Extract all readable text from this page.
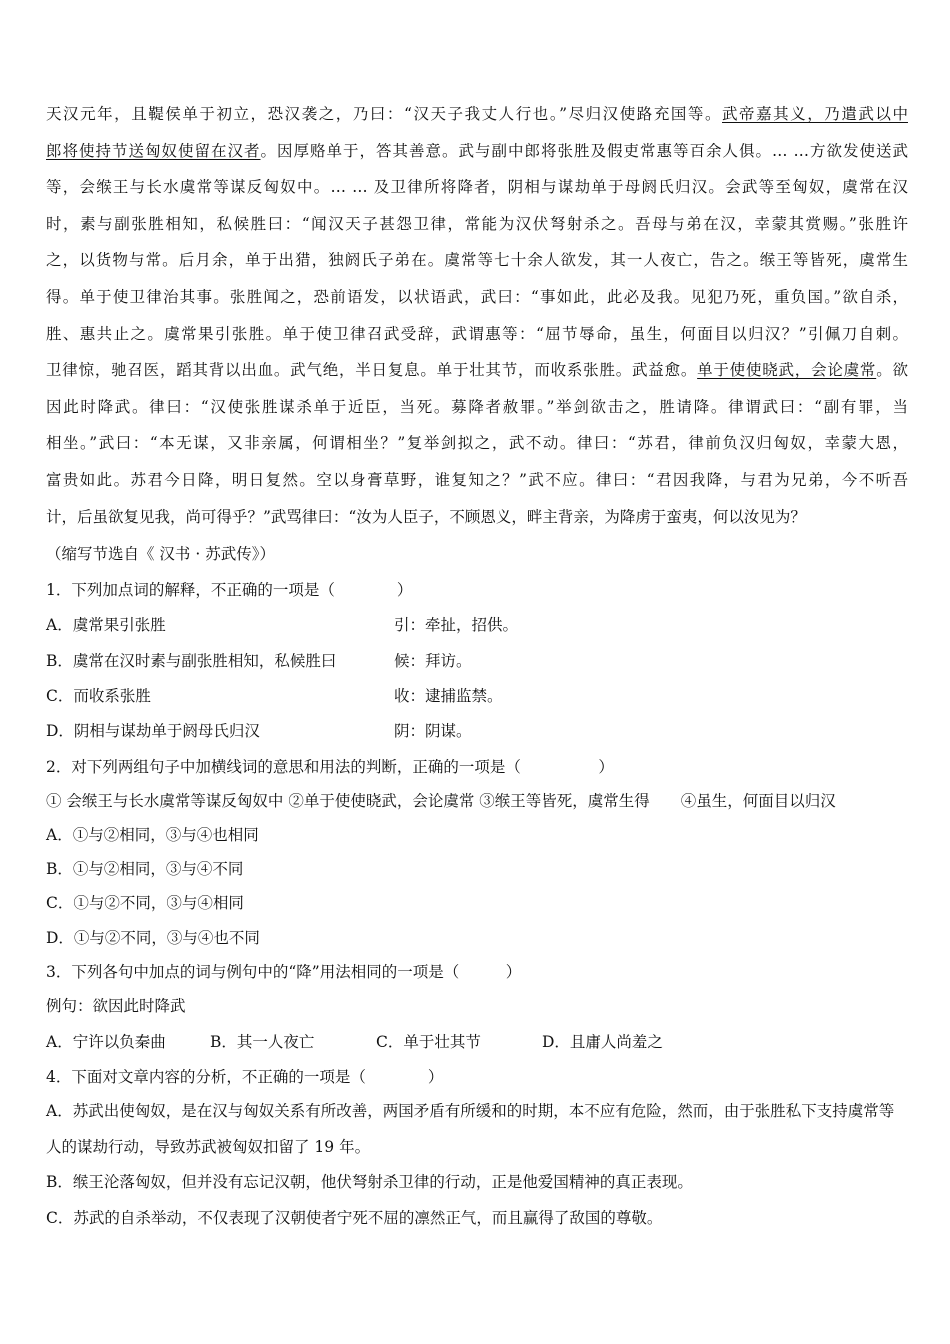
天汉元年，且鞮侯单于初立，恐汉袭之，乃曰：“汉天子我丈人行也。”尽归汉使路充国等。武帝嘉其义，乃遣武以中
郎将使持节送匈奴使留在汉者。因厚赂单于，答其善意。武与副中郎将张胜及假吏常惠等百余人俱。… …方欲发使送武
等，会缑王与长水虞常等谋反匈奴中。… … 及卫律所将降者，阴相与谋劫单于母阏氏归汉。会武等至匈奴，虞常在汉
时，素与副张胜相知，私候胜曰：“闻汉天子甚怨卫律，常能为汉伏弩射杀之。吾母与弟在汉，幸蒙其赏赐。”张胜许
之，以货物与常。后月余，单于出猎，独阏氏子弟在。虞常等七十余人欲发，其一人夜亡，告之。缑王等皆死，虞常生
得。单于使卫律治其事。张胜闻之，恐前语发，以状语武，武曰：“事如此，此必及我。见犯乃死，重负国。”欲自杀，
胜、惠共止之。虞常果引张胜。单于使卫律召武受辞，武谓惠等：“屈节辱命，虽生，何面目以归汉？”引佩刀自刺。
卫律惊，驰召医，蹈其背以出血。武气绝，半日复息。单于壮其节，而收系张胜。武益愈。单于使使晓武，会论虞常。欲
因此时降武。律曰：“汉使张胜谋杀单于近臣，当死。募降者赦罪。”举剑欲击之，胜请降。律谓武曰：“副有罪，当
相坐。”武曰：“本无谋，又非亲属，何谓相坐？”复举剑拟之，武不动。律曰：“苏君，律前负汉归匈奴，幸蒙大恩，
富贵如此。苏君今日降，明日复然。空以身膏草野，谁复知之？”武不应。律曰：“君因我降，与君为兄弟，今不听吾
计，后虽欲复见我，尚可得乎？”武骂律曰：“汝为人臣子，不顾恩义，畔主背亲，为降虏于蛮夷，何以汝见为？
（缩写节选自《 汉书 · 苏武传》）
1．下列加点词的解释，不正确的一项是（　　　　）
A．虞常果引张胜	引：牵扯，招供。
B．虞常在汉时素与副张胜相知，私候胜曰	候：拜访。
C．而收系张胜	收：逮捕监禁。
D．阴相与谋劫单于阏母氏归汉	阴：阴谋。
2．对下列两组句子中加横线词的意思和用法的判断，正确的一项是（　　　　　）
① 会缑王与长水虞常等谋反匈奴中 ②单于使使晓武，会论虞常 ③缑王等皆死，虞常生得　　④虽生，何面目以归汉
A．①与②相同，③与④也相同
B．①与②相同，③与④不同
C．①与②不同，③与④相同
D．①与②不同，③与④也不同
3．下列各句中加点的词与例句中的“降”用法相同的一项是（　　　）
例句：欲因此时降武
A．宁许以负秦曲	B．其一人夜亡	C．单于壮其节	D．且庸人尚羞之
4．下面对文章内容的分析，不正确的一项是（　　　　）
A．苏武出使匈奴，是在汉与匈奴关系有所改善，两国矛盾有所缓和的时期，本不应有危险，然而，由于张胜私下支持虞常等人的谋劫行动，导致苏武被匈奴扣留了 19 年。
B．缑王沦落匈奴，但并没有忘记汉朝，他伏弩射杀卫律的行动，正是他爱国精神的真正表现。
C．苏武的自杀举动，不仅表现了汉朝使者宁死不屈的凛然正气，而且赢得了敌国的尊敬。
